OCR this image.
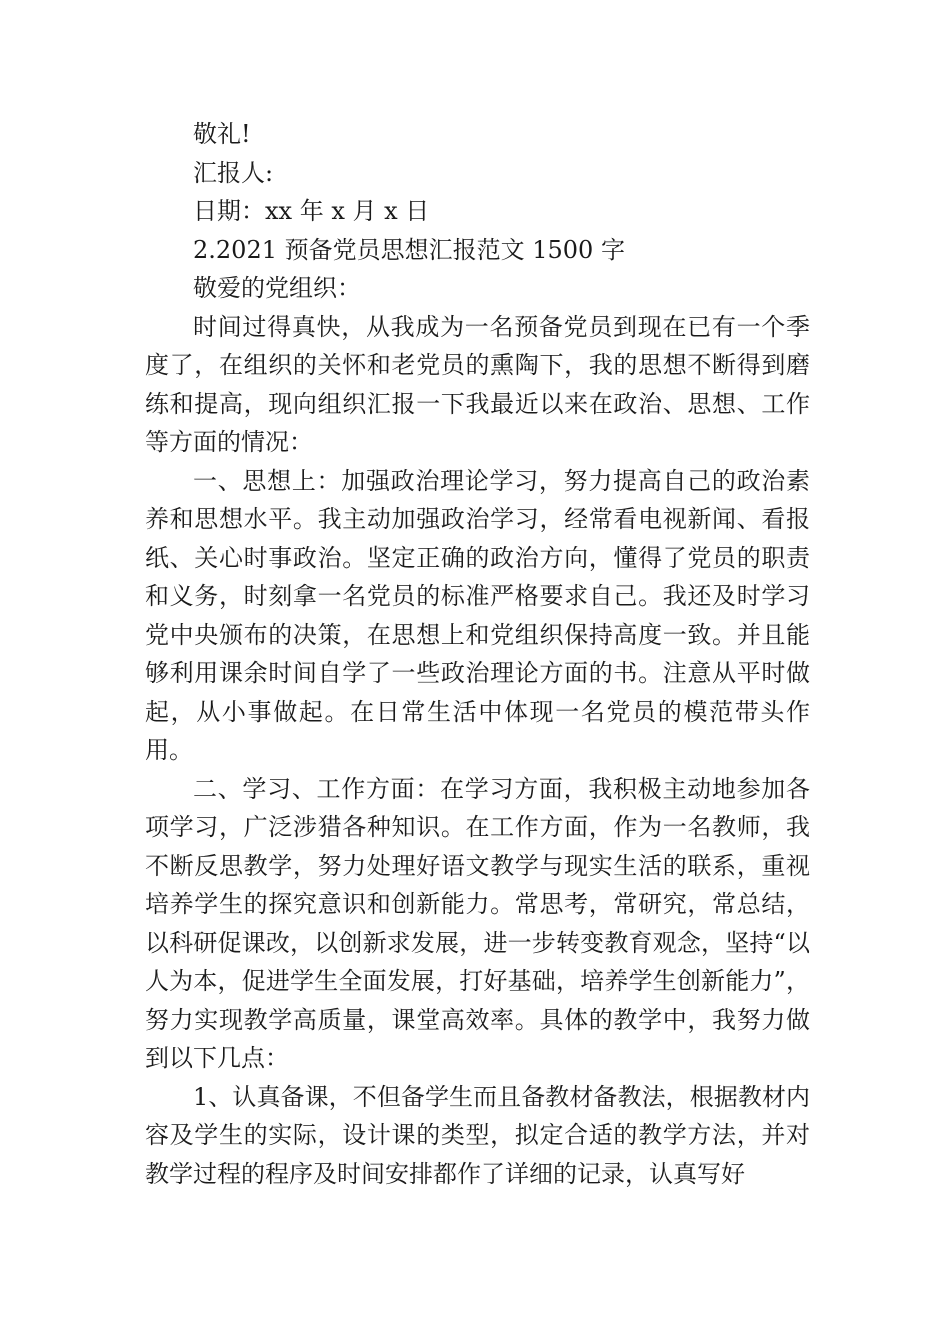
敬礼!

汇报人:

日期：xx 年 x 月 x 日

2.2021 预备党员思想汇报范文 1500 字

敬爱的党组织：

时间过得真快，从我成为一名预备党员到现在已有一个季度了，在组织的关怀和老党员的熏陶下，我的思想不断得到磨练和提高，现向组织汇报一下我最近以来在政治、思想、工作等方面的情况：

一、思想上：加强政治理论学习，努力提高自己的政治素养和思想水平。我主动加强政治学习，经常看电视新闻、看报纸、关心时事政治。坚定正确的政治方向，懂得了党员的职责和义务，时刻拿一名党员的标准严格要求自己。我还及时学习党中央颁布的决策，在思想上和党组织保持高度一致。并且能够利用课余时间自学了一些政治理论方面的书。注意从平时做起，从小事做起。在日常生活中体现一名党员的模范带头作用。

二、学习、工作方面：在学习方面，我积极主动地参加各项学习，广泛涉猎各种知识。在工作方面，作为一名教师，我不断反思教学，努力处理好语文教学与现实生活的联系，重视培养学生的探究意识和创新能力。常思考，常研究，常总结，以科研促课改，以创新求发展，进一步转变教育观念，坚持“以人为本，促进学生全面发展，打好基础，培养学生创新能力”，努力实现教学高质量，课堂高效率。具体的教学中，我努力做到以下几点：

1、认真备课，不但备学生而且备教材备教法，根据教材内容及学生的实际，设计课的类型，拟定合适的教学方法，并对教学过程的程序及时间安排都作了详细的记录，认真写好
